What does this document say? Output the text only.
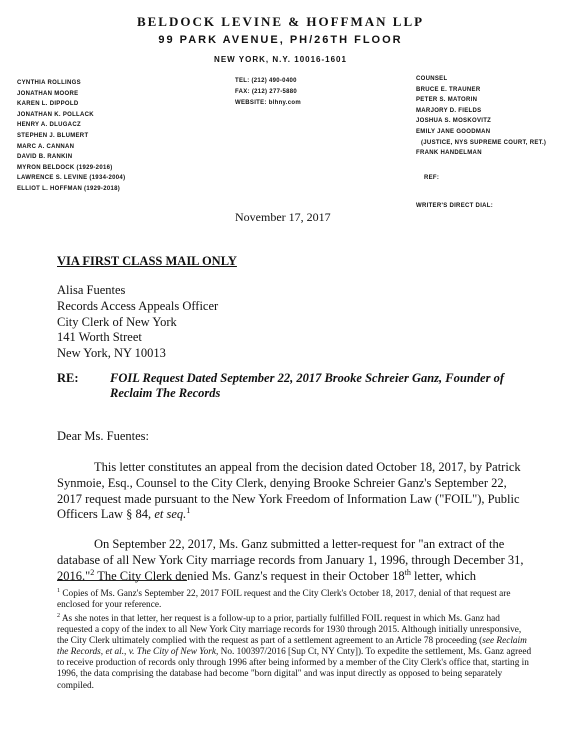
BELDOCK LEVINE & HOFFMAN LLP
99 PARK AVENUE, PH/26TH FLOOR
NEW YORK, N.Y. 10016-1601
CYNTHIA ROLLINGS
JONATHAN MOORE
KAREN L. DIPPOLD
JONATHAN K. POLLACK
HENRY A. DLUGACZ
STEPHEN J. BLUMERT
MARC A. CANNAN
DAVID B. RANKIN
MYRON BELDOCK (1929-2016)
LAWRENCE S. LEVINE (1934-2004)
ELLIOT L. HOFFMAN (1929-2018)
TEL: (212) 490-0400
FAX: (212) 277-5880
WEBSITE: blhny.com
COUNSEL
BRUCE E. TRAUNER
PETER S. MATORIN
MARJORY D. FIELDS
JOSHUA S. MOSKOVITZ
EMILY JANE GOODMAN
(JUSTICE, NYS SUPREME COURT, RET.)
FRANK HANDELMAN
REF:
WRITER'S DIRECT DIAL:
November 17, 2017
VIA FIRST CLASS MAIL ONLY
Alisa Fuentes
Records Access Appeals Officer
City Clerk of New York
141 Worth Street
New York, NY 10013
RE:	FOIL Request Dated September 22, 2017 Brooke Schreier Ganz, Founder of Reclaim The Records
Dear Ms. Fuentes:
This letter constitutes an appeal from the decision dated October 18, 2017, by Patrick Synmoie, Esq., Counsel to the City Clerk, denying Brooke Schreier Ganz's September 22, 2017 request made pursuant to the New York Freedom of Information Law ("FOIL"), Public Officers Law § 84, et seq.$^1$
On September 22, 2017, Ms. Ganz submitted a letter-request for "an extract of the database of all New York City marriage records from January 1, 1996, through December 31, 2016."$^2$ The City Clerk denied Ms. Ganz's request in their October 18th letter, which
$^1$ Copies of Ms. Ganz's September 22, 2017 FOIL request and the City Clerk's October 18, 2017, denial of that request are enclosed for your reference.
$^2$ As she notes in that letter, her request is a follow-up to a prior, partially fulfilled FOIL request in which Ms. Ganz had requested a copy of the index to all New York City marriage records for 1930 through 2015. Although initially unresponsive, the City Clerk ultimately complied with the request as part of a settlement agreement to an Article 78 proceeding (see Reclaim the Records, et al., v. The City of New York, No. 100397/2016 [Sup Ct, NY Cnty]). To expedite the settlement, Ms. Ganz agreed to receive production of records only through 1996 after being informed by a member of the City Clerk's office that, starting in 1996, the data comprising the database had become "born digital" and was input directly as opposed to being separately compiled.
